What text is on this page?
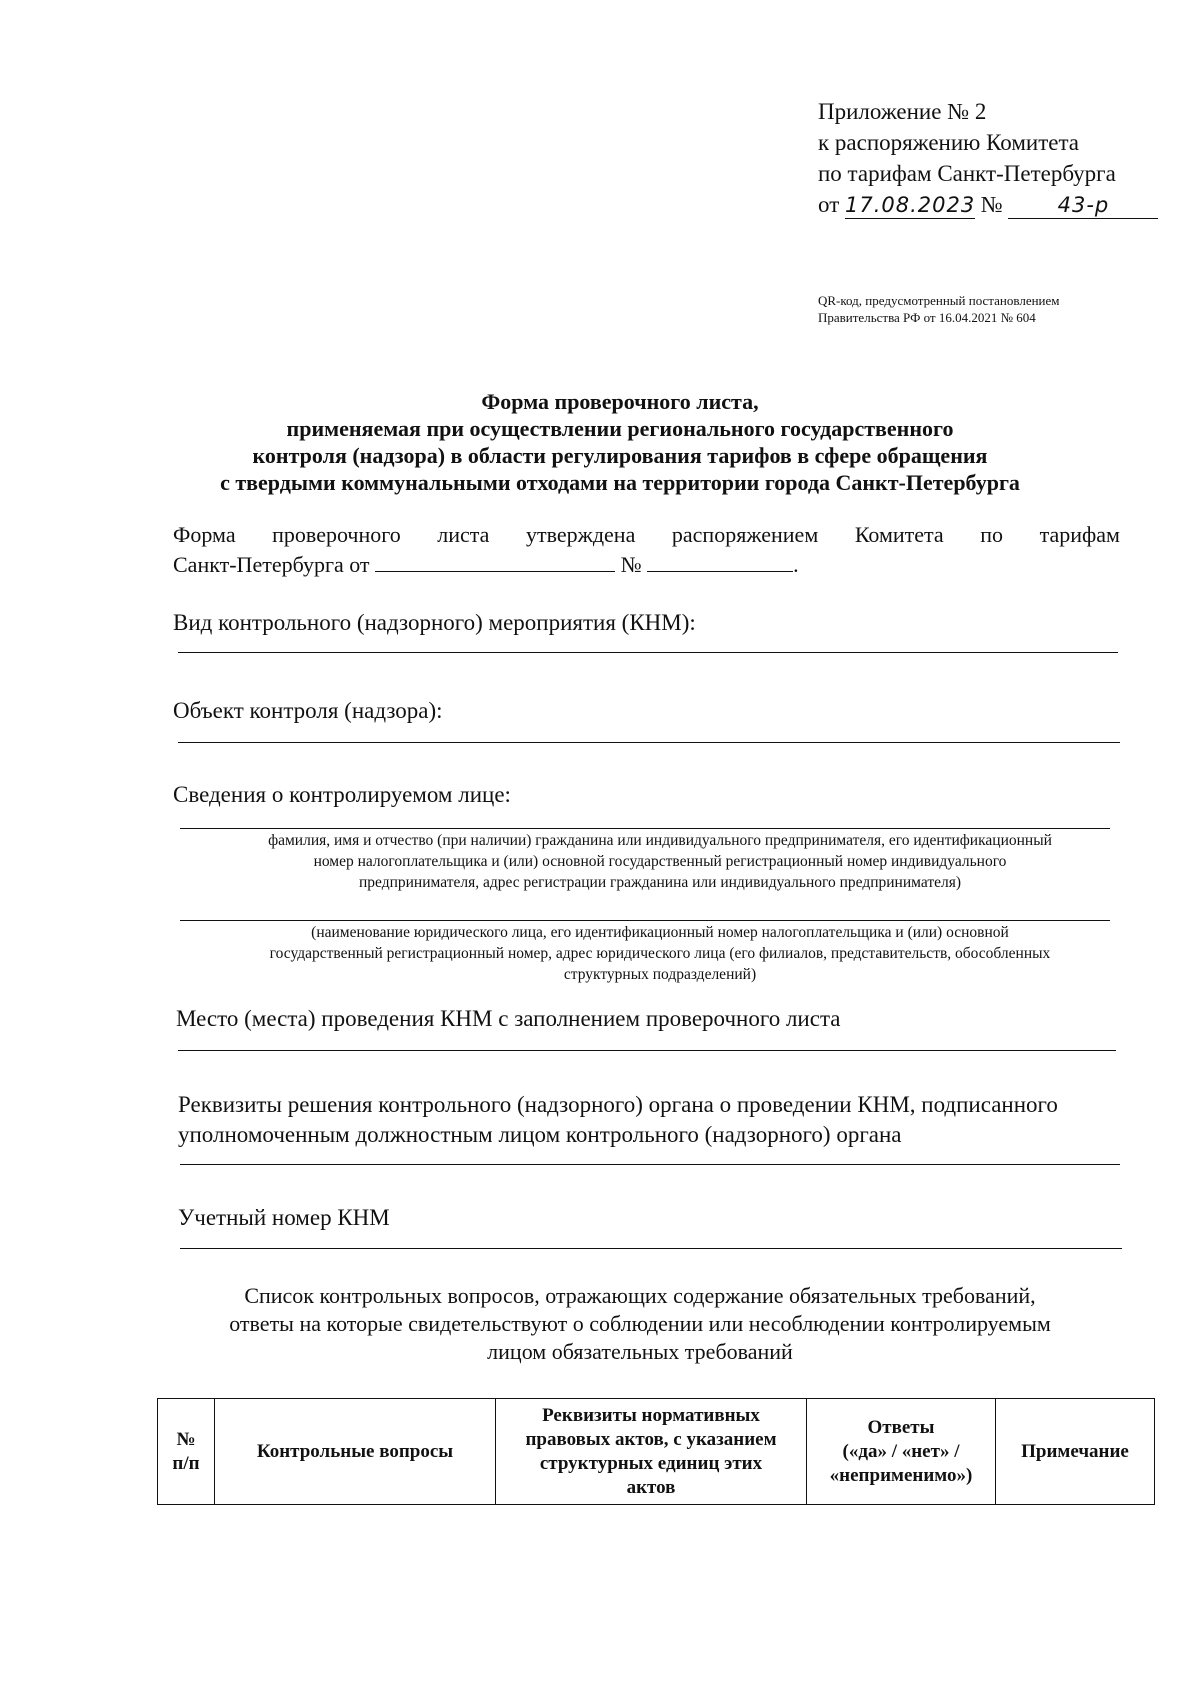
Приложение № 2
к распоряжению Комитета
по тарифам Санкт-Петербурга
от 17.08.2023 №	43-р
QR-код, предусмотренный постановлением
Правительства РФ от 16.04.2021 № 604
Форма проверочного листа,
применяемая при осуществлении регионального государственного
контроля (надзора) в области регулирования тарифов в сфере обращения
с твердыми коммунальными отходами на территории города Санкт-Петербурга
Форма проверочного листа утверждена распоряжением Комитета по тарифам
Санкт-Петербурга от	№	.
Вид контрольного (надзорного) мероприятия (КНМ):
Объект контроля (надзора):
Сведения о контролируемом лице:
фамилия, имя и отчество (при наличии) гражданина или индивидуального предпринимателя, его идентификационный
номер налогоплательщика и (или) основной государственный регистрационный номер индивидуального
предпринимателя, адрес регистрации гражданина или индивидуального предпринимателя)
(наименование юридического лица, его идентификационный номер налогоплательщика и (или) основной
государственный регистрационный номер, адрес юридического лица (его филиалов, представительств, обособленных
структурных подразделений)
Место (места) проведения КНМ с заполнением проверочного листа
Реквизиты решения контрольного (надзорного) органа о проведении КНМ, подписанного
уполномоченным должностным лицом контрольного (надзорного) органа
Учетный номер КНМ
Список контрольных вопросов, отражающих содержание обязательных требований,
ответы на которые свидетельствуют о соблюдении или несоблюдении контролируемым
лицом обязательных требований
№
п/п	Контрольные вопросы	Реквизиты нормативных
правовых актов, с указанием
структурных единиц этих
актов	Ответы
(«да» / «нет» /
«неприменимо»)	Примечание
